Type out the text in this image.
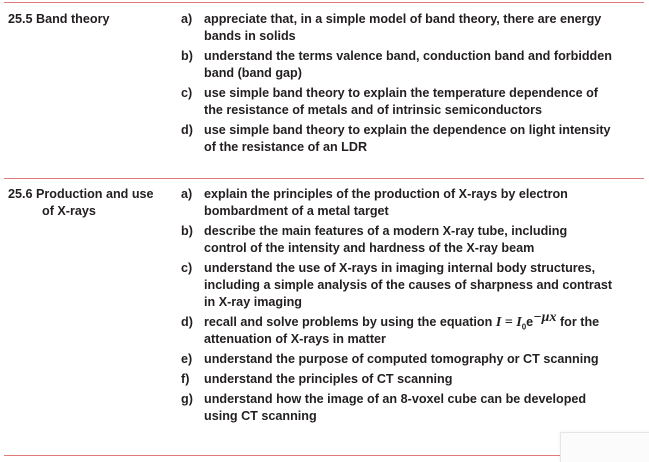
25.5 Band theory	a) appreciate that, in a simple model of band theory, there are energy
bands in solids
b) understand the terms valence band, conduction band and forbidden
band (band gap)
c) use simple band theory to explain the temperature dependence of
the resistance of metals and of intrinsic semiconductors
d) use simple band theory to explain the dependence on light intensity
of the resistance of an LDR
25.6 Production and use
of X-rays
a) explain the principles of the production of X-rays by electron
bombardment of a metal target
b) describe the main features of a modern X-ray tube, including
control of the intensity and hardness of the X-ray beam
c) understand the use of X-rays in imaging internal body structures,
including a simple analysis of the causes of sharpness and contrast
in X-ray imaging
d) recall and solve problems by using the equation $I = I_0e^{-\mu x}$ for the
attenuation of X-rays in matter
e) understand the purpose of computed tomography or CT scanning
f) understand the principles of CT scanning
g) understand how the image of an 8-voxel cube can be developed
using CT scanning
